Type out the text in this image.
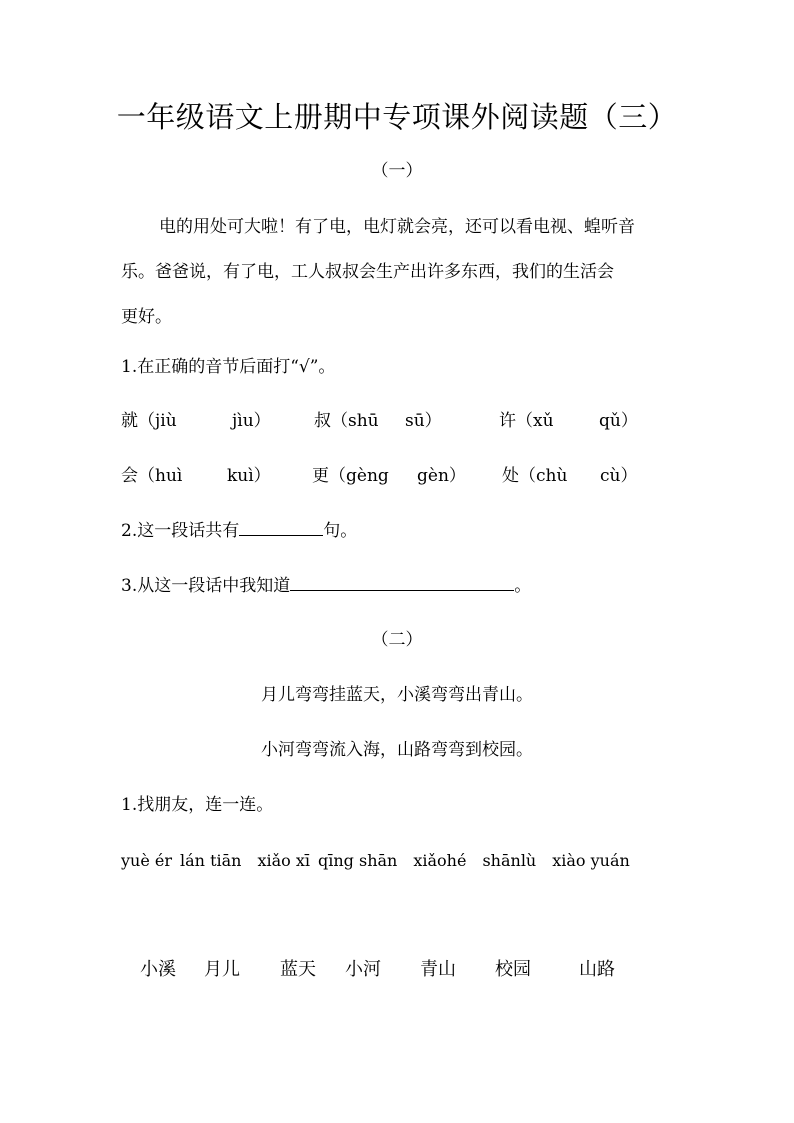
一年级语文上册期中专项课外阅读题（三）
（一）

电的用处可大啦！有了电，电灯就会亮，还可以看电视、蝗听音

乐。爸爸说，有了电，工人叔叔会生产出许多东西，我们的生活会

更好。

1.在正确的音节后面打“√”。
就（jiù	jìu）	叔（shū sū）	许（xǔ	qǔ）
会（huì	kuì） 更（gèng gèn） 处（chù cù）
2.这一段话共有	句。
3.从这一段话中我知道	。
（二）
月儿弯弯挂蓝天，小溪弯弯出青山。
小河弯弯流入海，山路弯弯到校园。
1.找朋友，连一连。
yuè ér lán tiān xiǎo xī qīng shān xiǎohé shānlù xiào yuán
小溪 月儿 蓝天 小河 青山 校园	山路
